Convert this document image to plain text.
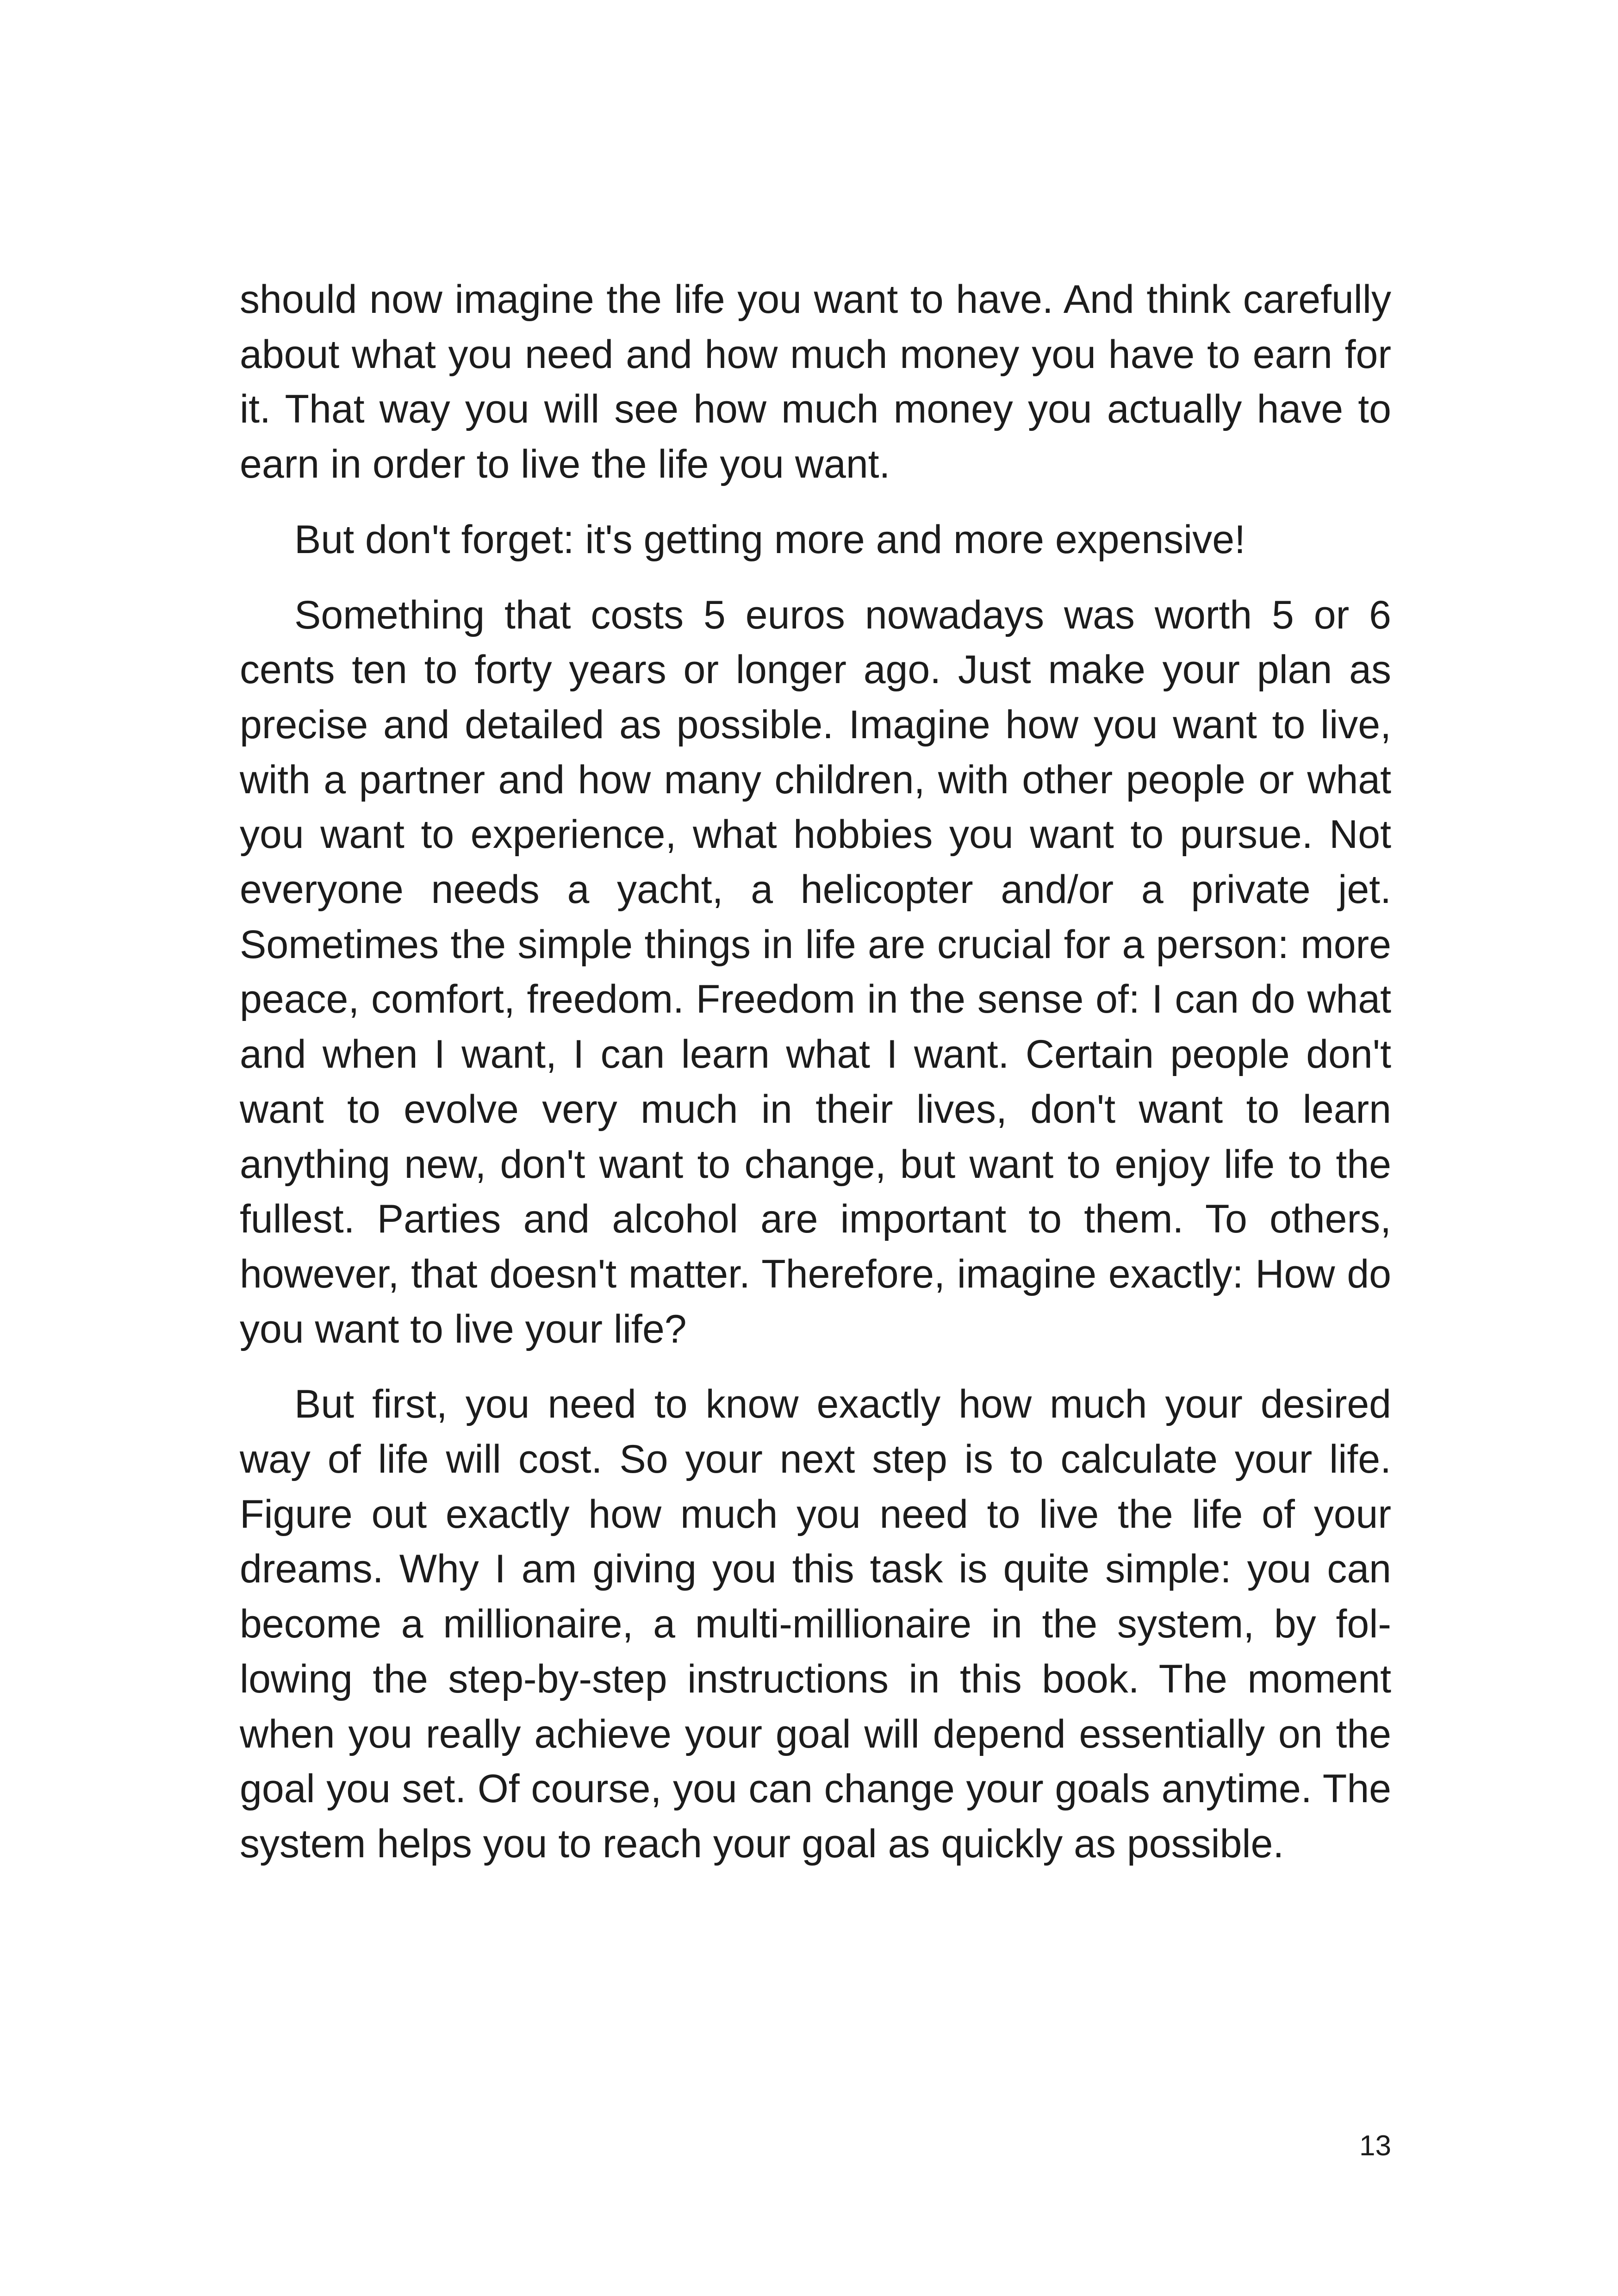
should now imagine the life you want to have. And think carefully about what you need and how much money you have to earn for it. That way you will see how much money you actually have to earn in order to live the life you want.

But don't forget: it's getting more and more expensive!

Something that costs 5 euros nowadays was worth 5 or 6 cents ten to forty years or longer ago. Just make your plan as precise and detailed as possible. Imagine how you want to live, with a partner and how many children, with other people or what you want to experience, what hobbies you want to pursue. Not everyone needs a yacht, a helicopter and/or a private jet. Sometimes the simple things in life are crucial for a person: more peace, comfort, freedom. Freedom in the sense of: I can do what and when I want, I can learn what I want. Certain people don't want to evolve very much in their lives, don't want to learn anything new, don't want to change, but want to enjoy life to the fullest. Parties and alcohol are important to them. To others, however, that doesn't matter. Therefore, imagine exactly: How do you want to live your life?

But first, you need to know exactly how much your desired way of life will cost. So your next step is to calculate your life. Figure out exactly how much you need to live the life of your dreams. Why I am giving you this task is quite simple: you can become a millionaire, a multi-millionaire in the system, by following the step-by-step instructions in this book. The moment when you really achieve your goal will depend essentially on the goal you set. Of course, you can change your goals anytime. The system helps you to reach your goal as quickly as possible.

13
